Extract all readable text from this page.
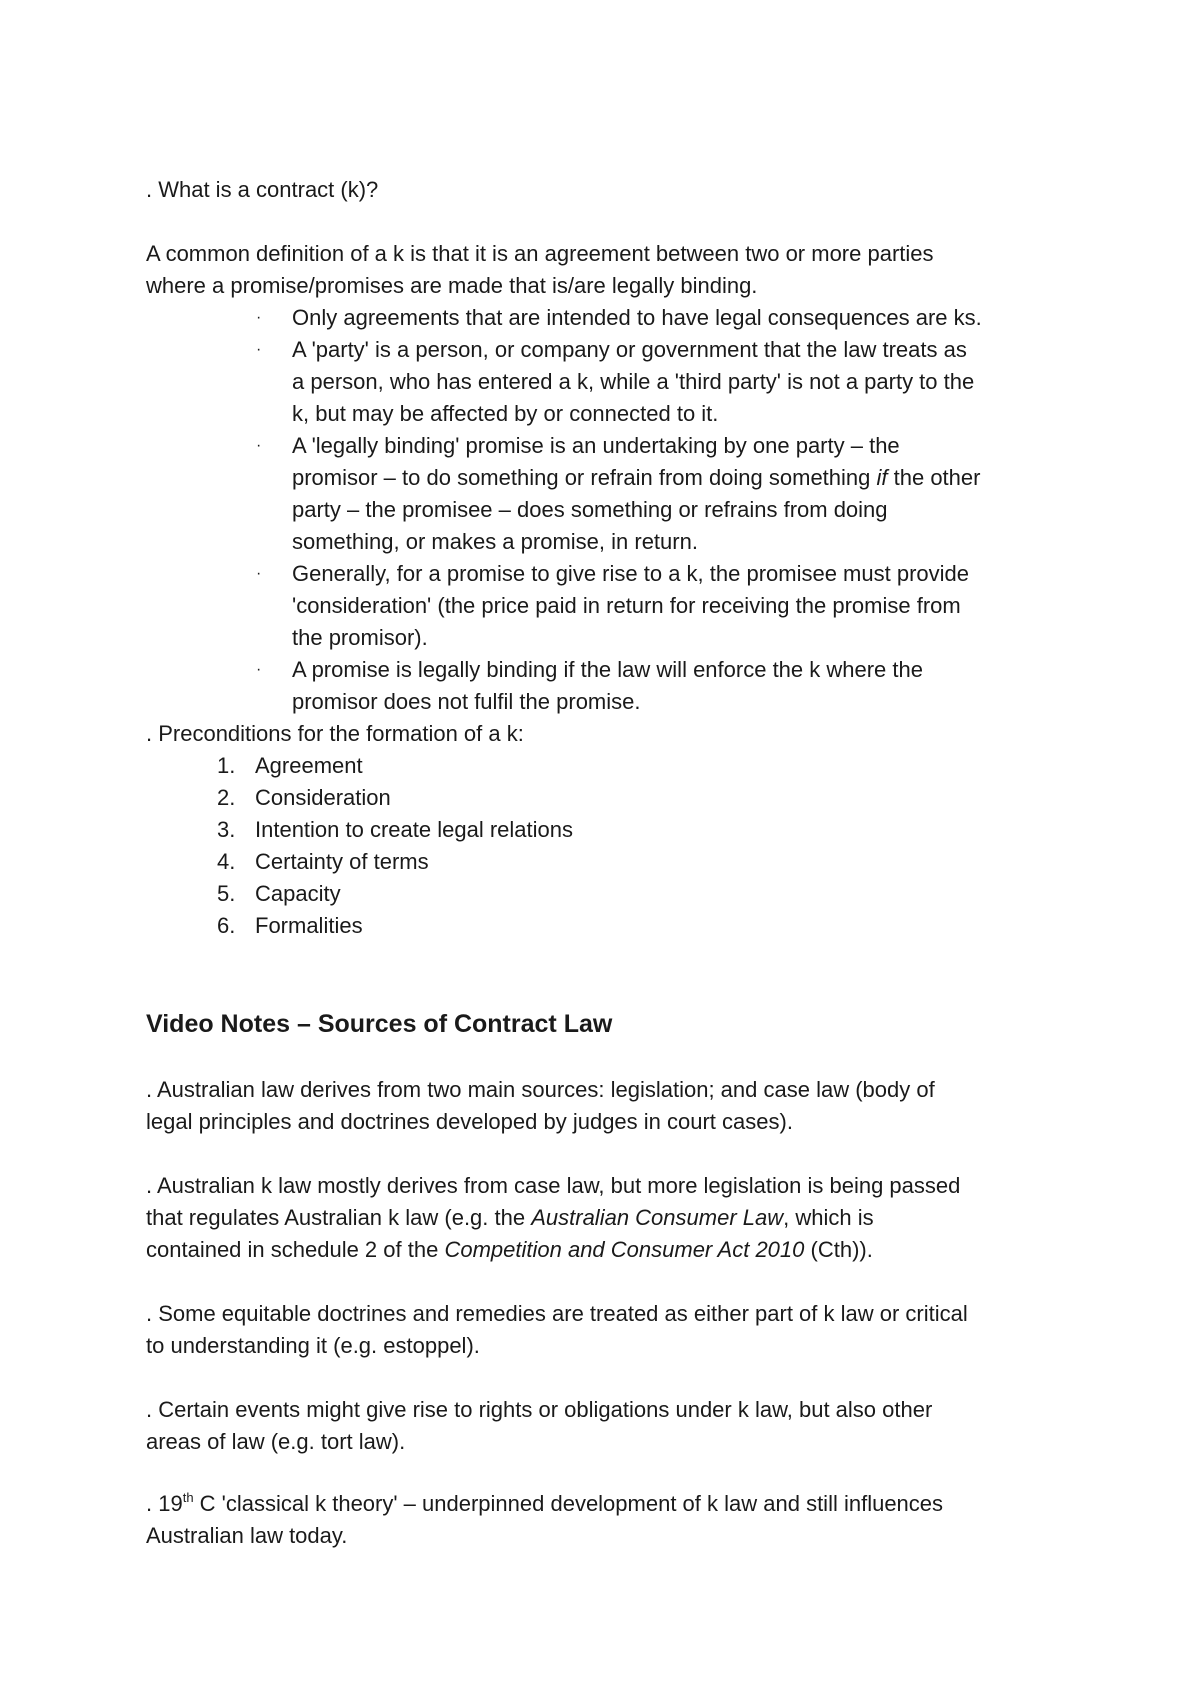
. What is a contract (k)?

A common definition of a k is that it is an agreement between two or more parties

where a promise/promises are made that is/are legally binding.

· Only agreements that are intended to have legal consequences are ks.
· A 'party' is a person, or company or government that the law treats as
a person, who has entered a k, while a 'third party' is not a party to the
k, but may be affected by or connected to it.
· A 'legally binding' promise is an undertaking by one party – the
promisor – to do something or refrain from doing something if the other
party – the promisee – does something or refrains from doing
something, or makes a promise, in return.
· Generally, for a promise to give rise to a k, the promisee must provide
'consideration' (the price paid in return for receiving the promise from
the promisor).
· A promise is legally binding if the law will enforce the k where the
promisor does not fulfil the promise.

. Preconditions for the formation of a k:

1. Agreement
2. Consideration
3. Intention to create legal relations
4. Certainty of terms
5. Capacity
6. Formalities
Video Notes – Sources of Contract Law

. Australian law derives from two main sources: legislation; and case law (body of

legal principles and doctrines developed by judges in court cases).

. Australian k law mostly derives from case law, but more legislation is being passed

that regulates Australian k law (e.g. the Australian Consumer Law, which is

contained in schedule 2 of the Competition and Consumer Act 2010 (Cth)).

. Some equitable doctrines and remedies are treated as either part of k law or critical

to understanding it (e.g. estoppel).

. Certain events might give rise to rights or obligations under k law, but also other

areas of law (e.g. tort law).

. 19th C 'classical k theory' – underpinned development of k law and still influences

Australian law today.
